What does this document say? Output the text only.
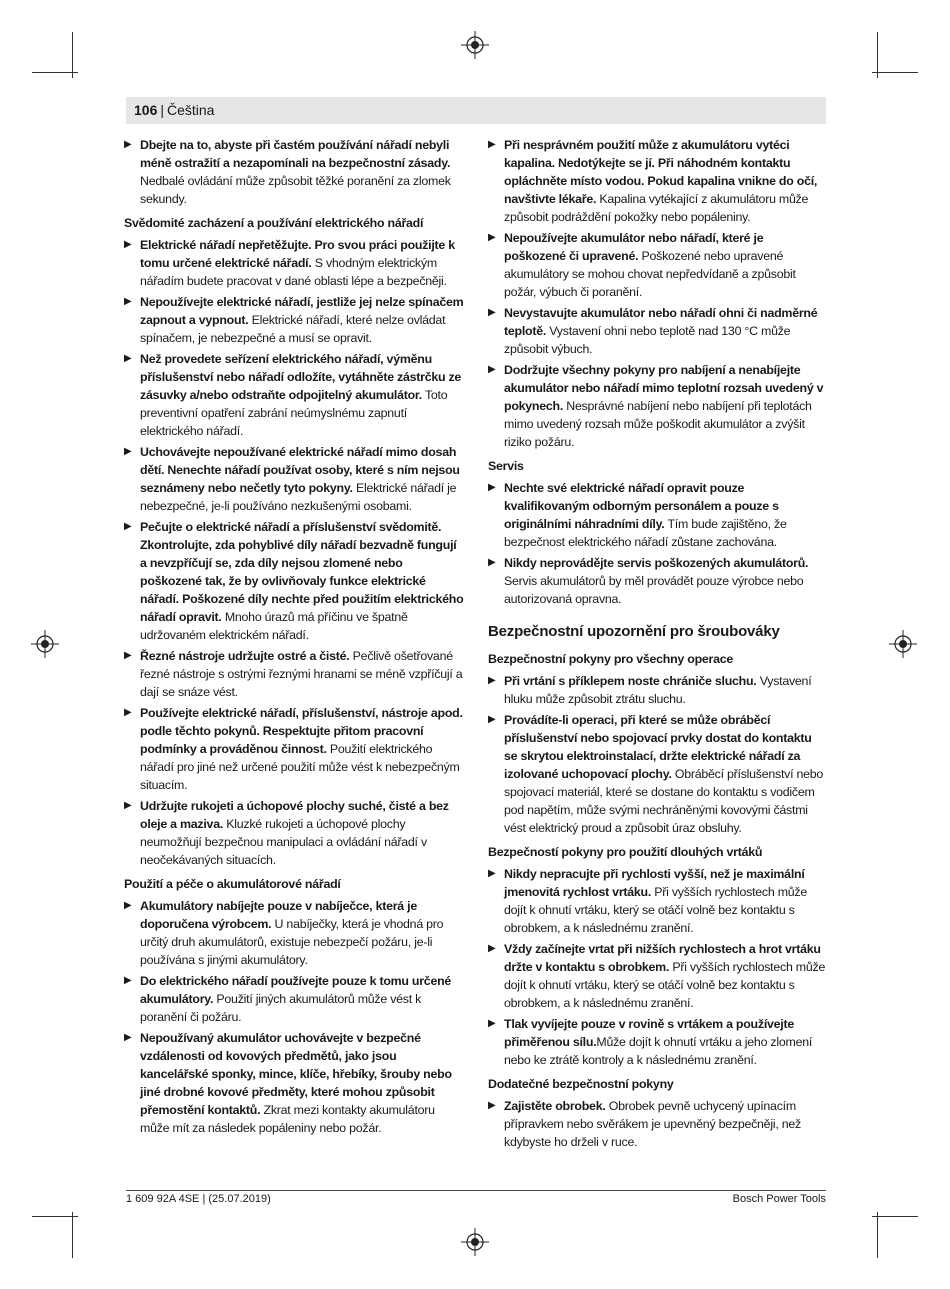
106 | Čeština
▶ Dbejte na to, abyste při častém používání nářadí nebyli méně ostražití a nezapomínali na bezpečnostní zásady. Nedbalé ovládání může způsobit těžké poranění za zlomek sekundy.
Svědomité zacházení a používání elektrického nářadí
▶ Elektrické nářadí nepřetěžujte. Pro svou práci použijte k tomu určené elektrické nářadí. S vhodným elektrickým nářadím budete pracovat v dané oblasti lépe a bezpečněji.
▶ Nepoužívejte elektrické nářadí, jestliže jej nelze spínačem zapnout a vypnout. Elektrické nářadí, které nelze ovládat spínačem, je nebezpečné a musí se opravit.
▶ Než provedete seřízení elektrického nářadí, výměnu příslušenství nebo nářadí odložíte, vytáhněte zástrčku ze zásuvky a/nebo odstraňte odpojitelný akumulátor. Toto preventivní opatření zabrání neúmyslnému zapnutí elektrického nářadí.
▶ Uchovávejte nepoužívané elektrické nářadí mimo dosah dětí. Nenechte nářadí používat osoby, které s ním nejsou seznámeny nebo nečetly tyto pokyny. Elektrické nářadí je nebezpečné, je-li používáno nezkušenými osobami.
▶ Pečujte o elektrické nářadí a příslušenství svědomitě. Zkontrolujte, zda pohyblivé díly nářadí bezvadně fungují a nevzpříčují se, zda díly nejsou zlomené nebo poškozené tak, že by ovlivňovaly funkce elektrické nářadí. Poškozené díly nechte před použitím elektrického nářadí opravit. Mnoho úrazů má příčinu ve špatně udržovaném elektrickém nářadí.
▶ Řezné nástroje udržujte ostré a čisté. Pečlivě ošetřované řezné nástroje s ostrými řeznými hranami se méně vzpříčují a dají se snáze vést.
▶ Používejte elektrické nářadí, příslušenství, nástroje apod. podle těchto pokynů. Respektujte přitom pracovní podmínky a prováděnou činnost. Použití elektrického nářadí pro jiné než určené použití může vést k nebezpečným situacím.
▶ Udržujte rukojeti a úchopové plochy suché, čisté a bez oleje a maziva. Kluzké rukojeti a úchopové plochy neumožňují bezpečnou manipulaci a ovládání nářadí v neočekávaných situacích.
Použití a péče o akumulátorové nářadí
▶ Akumulátory nabíjejte pouze v nabíječce, která je doporučena výrobcem. U nabíječky, která je vhodná pro určitý druh akumulátorů, existuje nebezpečí požáru, je-li používána s jinými akumulátory.
▶ Do elektrického nářadí používejte pouze k tomu určené akumulátory. Použití jiných akumulátorů může vést k poranění či požáru.
▶ Nepoužívaný akumulátor uchovávejte v bezpečné vzdálenosti od kovových předmětů, jako jsou kancelářské sponky, mince, klíče, hřebíky, šrouby nebo jiné drobné kovové předměty, které mohou způsobit přemostění kontaktů. Zkrat mezi kontakty akumulátoru může mít za následek popáleniny nebo požár.
▶ Při nesprávném použití může z akumulátoru vytéci kapalina. Nedotýkejte se jí. Při náhodném kontaktu opláchněte místo vodou. Pokud kapalina vnikne do očí, navštivte lékaře. Kapalina vytékající z akumulátoru může způsobit podráždění pokožky nebo popáleniny.
▶ Nepoužívejte akumulátor nebo nářadí, které je poškozené či upravené. Poškozené nebo upravené akumulátory se mohou chovat nepředvídaně a způsobit požár, výbuch či poranění.
▶ Nevystavujte akumulátor nebo nářadí ohni či nadměrné teplotě. Vystavení ohni nebo teplotě nad 130 °C může způsobit výbuch.
▶ Dodržujte všechny pokyny pro nabíjení a nenabíjejte akumulátor nebo nářadí mimo teplotní rozsah uvedený v pokynech. Nesprávné nabíjení nebo nabíjení při teplotách mimo uvedený rozsah může poškodit akumulátor a zvýšit riziko požáru.
Servis
▶ Nechte své elektrické nářadí opravit pouze kvalifikovaným odborným personálem a pouze s originálními náhradními díly. Tím bude zajištěno, že bezpečnost elektrického nářadí zůstane zachována.
▶ Nikdy neprovádějte servis poškozených akumulátorů. Servis akumulátorů by měl provádět pouze výrobce nebo autorizovaná opravna.
Bezpečnostní upozornění pro šroubováky
Bezpečnostní pokyny pro všechny operace
▶ Při vrtání s příklepem noste chrániče sluchu. Vystavení hluku může způsobit ztrátu sluchu.
▶ Provádíte-li operaci, při které se může obráběcí příslušenství nebo spojovací prvky dostat do kontaktu se skrytou elektroinstalací, držte elektrické nářadí za izolované uchopovací plochy. Obráběcí příslušenství nebo spojovací materiál, které se dostane do kontaktu s vodičem pod napětím, může svými nechráněnými kovovými částmi vést elektrický proud a způsobit úraz obsluhy.
Bezpečností pokyny pro použití dlouhých vrtáků
▶ Nikdy nepracujte při rychlosti vyšší, než je maximální jmenovitá rychlost vrtáku. Při vyšších rychlostech může dojít k ohnutí vrtáku, který se otáčí volně bez kontaktu s obrobkem, a k následnému zranění.
▶ Vždy začínejte vrtat při nižších rychlostech a hrot vrtáku držte v kontaktu s obrobkem. Při vyšších rychlostech může dojít k ohnutí vrtáku, který se otáčí volně bez kontaktu s obrobkem, a k následnému zranění.
▶ Tlak vyvíjejte pouze v rovině s vrtákem a používejte přiměřenou sílu.Může dojít k ohnutí vrtáku a jeho zlomení nebo ke ztrátě kontroly a k následnému zranění.
Dodatečné bezpečnostní pokyny
▶ Zajistěte obrobek. Obrobek pevně uchycený upínacím přípravkem nebo svěrákem je upevněný bezpečněji, než kdybyste ho drželi v ruce.
1 609 92A 4SE | (25.07.2019)	Bosch Power Tools
